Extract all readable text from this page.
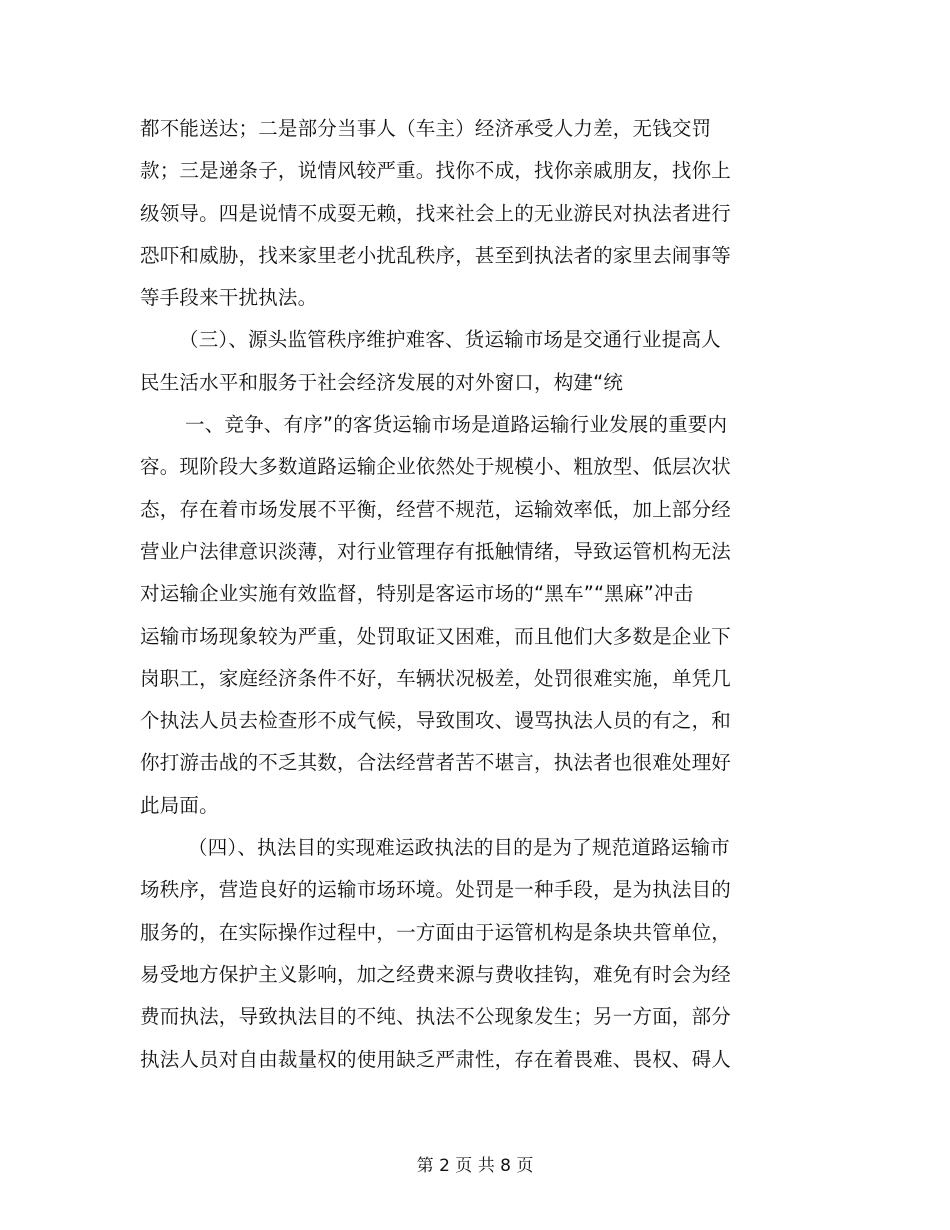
都不能送达；二是部分当事人（车主）经济承受人力差，无钱交罚
款；三是递条子，说情风较严重。找你不成，找你亲戚朋友，找你上
级领导。四是说情不成耍无赖，找来社会上的无业游民对执法者进行
恐吓和威胁，找来家里老小扰乱秩序，甚至到执法者的家里去闹事等
等手段来干扰执法。
（三）、源头监管秩序维护难客、货运输市场是交通行业提高人
民生活水平和服务于社会经济发展的对外窗口，构建“统
一、竞争、有序”的客货运输市场是道路运输行业发展的重要内
容。现阶段大多数道路运输企业依然处于规模小、粗放型、低层次状
态，存在着市场发展不平衡，经营不规范，运输效率低，加上部分经
营业户法律意识淡薄，对行业管理存有抵触情绪，导致运管机构无法
对运输企业实施有效监督，特别是客运市场的“黑车”“黑麻”冲击
运输市场现象较为严重，处罚取证又困难，而且他们大多数是企业下
岗职工，家庭经济条件不好，车辆状况极差，处罚很难实施，单凭几
个执法人员去检查形不成气候，导致围攻、谩骂执法人员的有之，和
你打游击战的不乏其数，合法经营者苦不堪言，执法者也很难处理好
此局面。
（四）、执法目的实现难运政执法的目的是为了规范道路运输市
场秩序，营造良好的运输市场环境。处罚是一种手段，是为执法目的
服务的，在实际操作过程中，一方面由于运管机构是条块共管单位，
易受地方保护主义影响，加之经费来源与费收挂钩，难免有时会为经
费而执法，导致执法目的不纯、执法不公现象发生；另一方面，部分
执法人员对自由裁量权的使用缺乏严肃性，存在着畏难、畏权、碍人
第 2 页 共 8 页
